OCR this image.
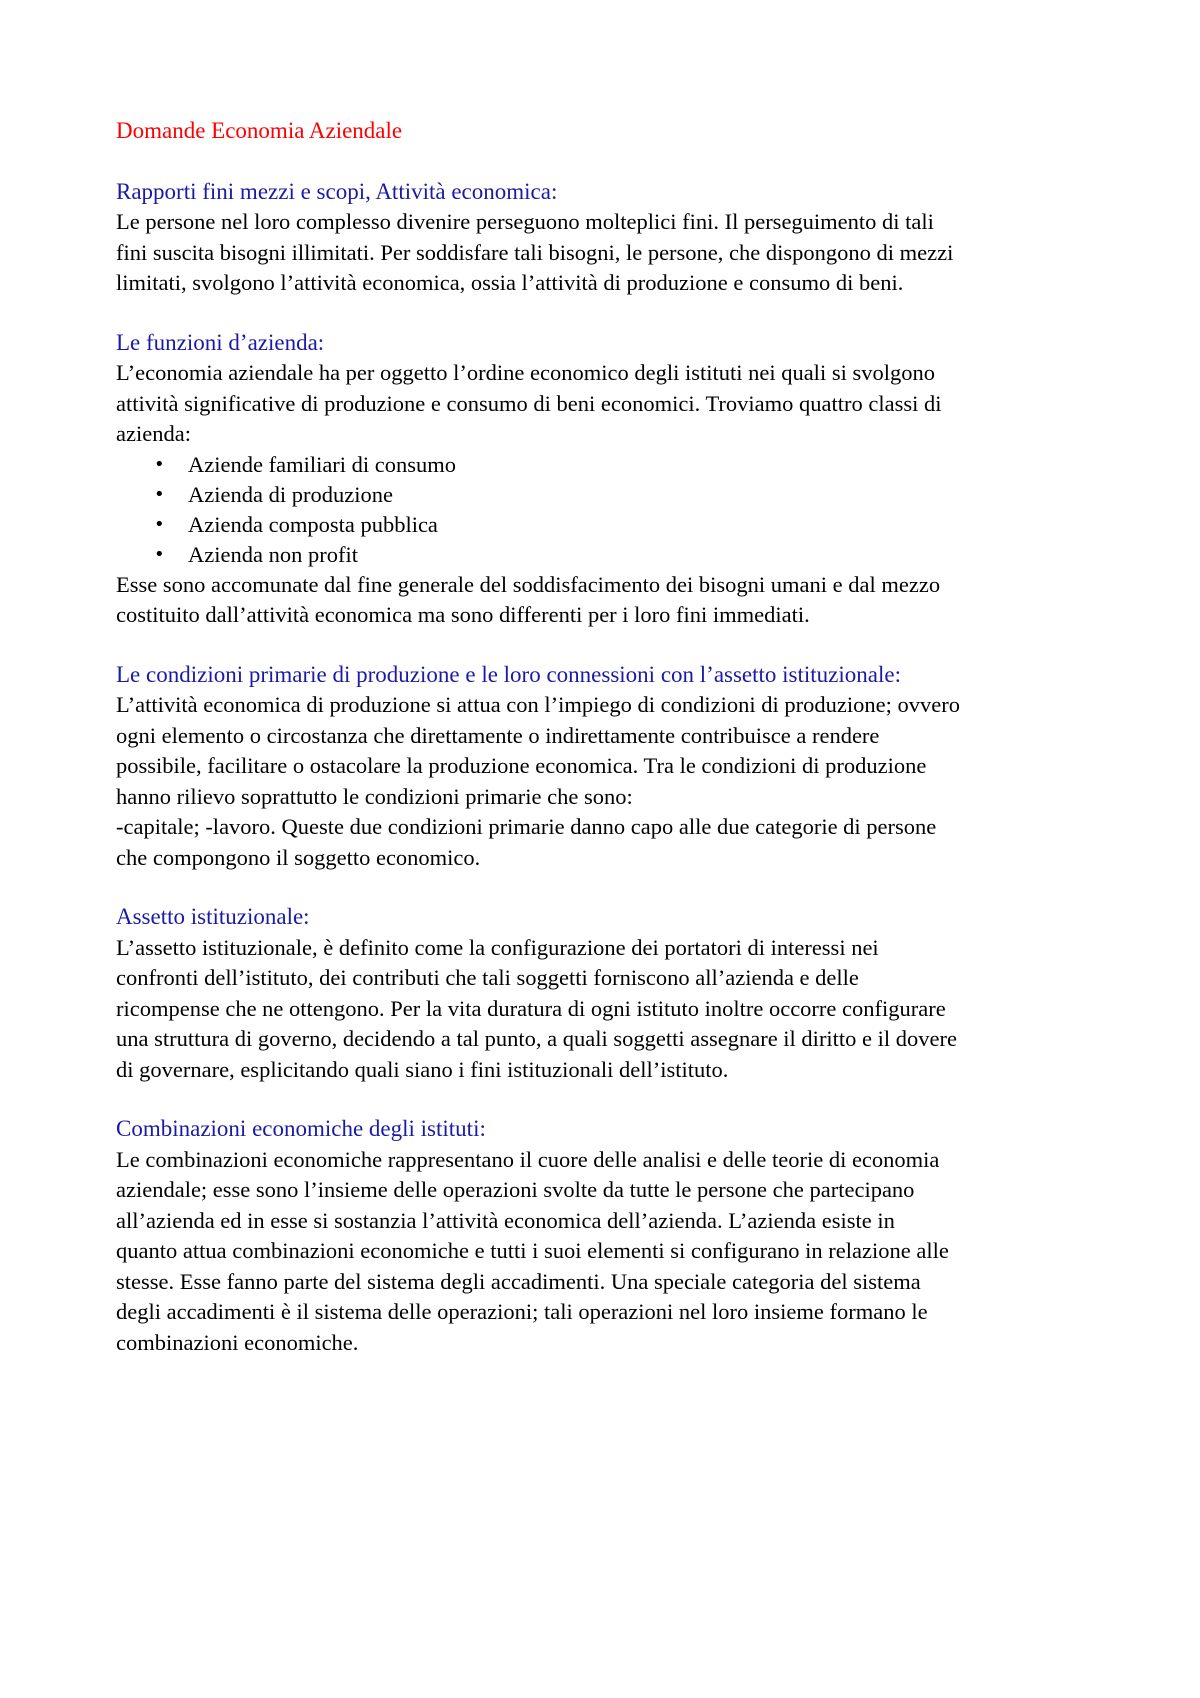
Domande Economia Aziendale
Rapporti fini mezzi e scopi, Attività economica:

Le persone nel loro complesso divenire perseguono molteplici fini. Il perseguimento di tali
fini suscita bisogni illimitati. Per soddisfare tali bisogni, le persone, che dispongono di mezzi
limitati, svolgono l’attività economica, ossia l’attività di produzione e consumo di beni.

Le funzioni d’azienda:

L’economia aziendale ha per oggetto l’ordine economico degli istituti nei quali si svolgono
attività significative di produzione e consumo di beni economici. Troviamo quattro classi di
azienda:

• Aziende familiari di consumo
• Azienda di produzione
• Azienda composta pubblica
• Azienda non profit

Esse sono accomunate dal fine generale del soddisfacimento dei bisogni umani e dal mezzo
costituito dall’attività economica ma sono differenti per i loro fini immediati.

Le condizioni primarie di produzione e le loro connessioni con l’assetto istituzionale:

L’attività economica di produzione si attua con l’impiego di condizioni di produzione; ovvero
ogni elemento o circostanza che direttamente o indirettamente contribuisce a rendere
possibile, facilitare o ostacolare la produzione economica. Tra le condizioni di produzione
hanno rilievo soprattutto le condizioni primarie che sono:
-capitale; -lavoro. Queste due condizioni primarie danno capo alle due categorie di persone
che compongono il soggetto economico.

Assetto istituzionale:

L’assetto istituzionale, è definito come la configurazione dei portatori di interessi nei
confronti dell’istituto, dei contributi che tali soggetti forniscono all’azienda e delle
ricompense che ne ottengono. Per la vita duratura di ogni istituto inoltre occorre configurare
una struttura di governo, decidendo a tal punto, a quali soggetti assegnare il diritto e il dovere
di governare, esplicitando quali siano i fini istituzionali dell’istituto.

Combinazioni economiche degli istituti:

Le combinazioni economiche rappresentano il cuore delle analisi e delle teorie di economia
aziendale; esse sono l’insieme delle operazioni svolte da tutte le persone che partecipano
all’azienda ed in esse si sostanzia l’attività economica dell’azienda. L’azienda esiste in
quanto attua combinazioni economiche e tutti i suoi elementi si configurano in relazione alle
stesse. Esse fanno parte del sistema degli accadimenti. Una speciale categoria del sistema
degli accadimenti è il sistema delle operazioni; tali operazioni nel loro insieme formano le
combinazioni economiche.
